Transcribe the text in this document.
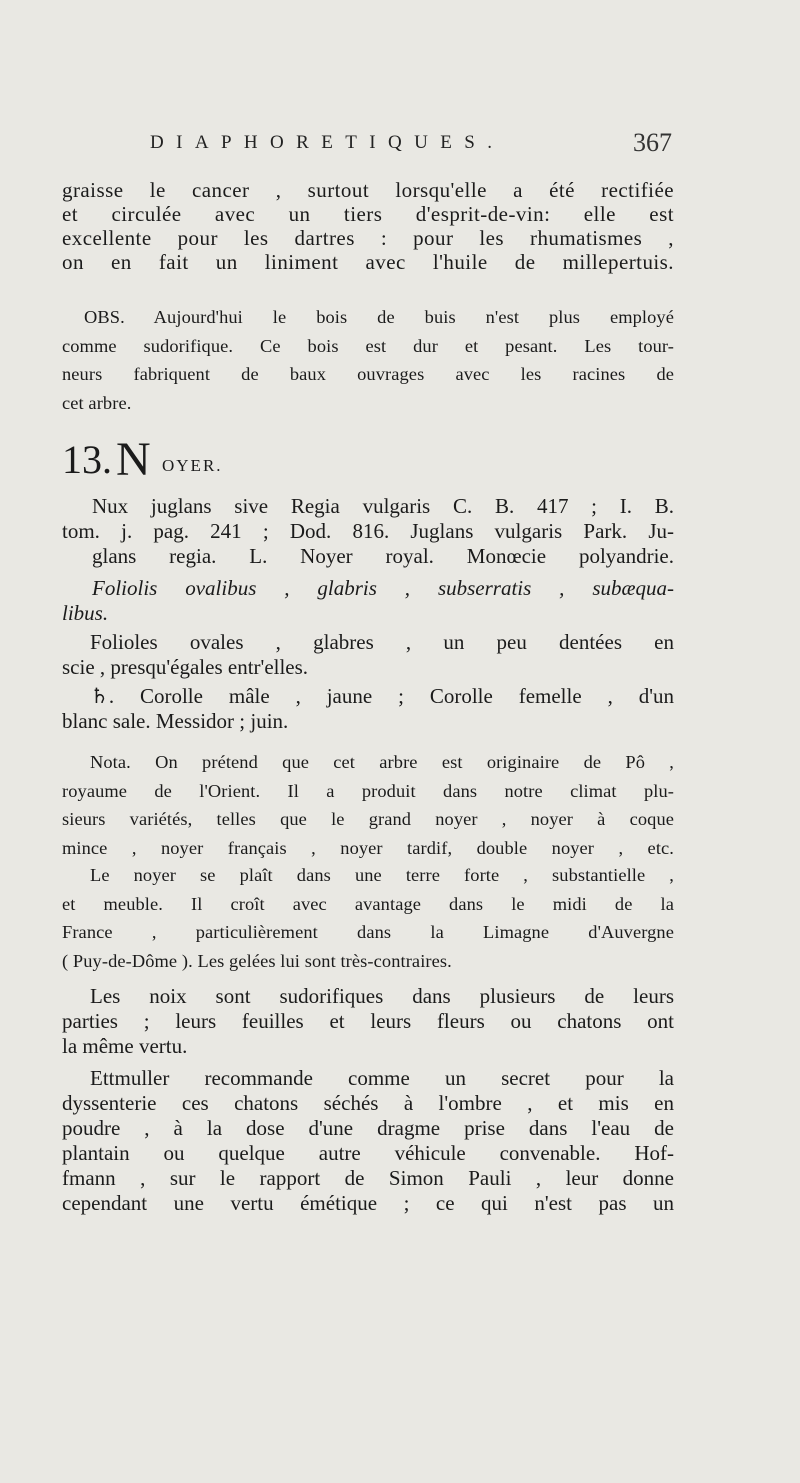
DIAPHORETIQUES.	367

graisse le cancer , surtout lorsqu'elle a été rectifiée

et circulée avec un tiers d'esprit-de-vin: elle est

excellente pour les dartres : pour les rhumatismes ,

on en fait un liniment avec l'huile de millepertuis.

OBS. Aujourd'hui le bois de buis n'est plus employé

comme sudorifique. Ce bois est dur et pesant. Les tour-

neurs fabriquent de baux ouvrages avec les racines de

cet arbre.

13. N OYER.

Nux juglans sive Regia vulgaris C. B. 417 ; I. B.

tom. j. pag. 241 ; Dod. 816. Juglans vulgaris Park. Ju-

glans regia. L. Noyer royal. Monœcie polyandrie.

Foliolis ovalibus , glabris , subserratis , subæqua-

libus.

Folioles ovales , glabres , un peu dentées en

scie , presqu'égales entr'elles.

♄. Corolle mâle , jaune ; Corolle femelle , d'un

blanc sale. Messidor ; juin.

Nota. On prétend que cet arbre est originaire de Pô ,

royaume de l'Orient. Il a produit dans notre climat plu-

sieurs variétés, telles que le grand noyer , noyer à coque

mince , noyer français , noyer tardif, double noyer , etc.

Le noyer se plaît dans une terre forte , substantielle ,

et meuble. Il croît avec avantage dans le midi de la

France , particulièrement dans la Limagne d'Auvergne

( Puy-de-Dôme ). Les gelées lui sont très-contraires.

Les noix sont sudorifiques dans plusieurs de leurs

parties ; leurs feuilles et leurs fleurs ou chatons ont

la même vertu.

Ettmuller recommande comme un secret pour la

dyssenterie ces chatons séchés à l'ombre , et mis en

poudre , à la dose d'une dragme prise dans l'eau de

plantain ou quelque autre véhicule convenable. Hof-

fmann , sur le rapport de Simon Pauli , leur donne

cependant une vertu émétique ; ce qui n'est pas un
